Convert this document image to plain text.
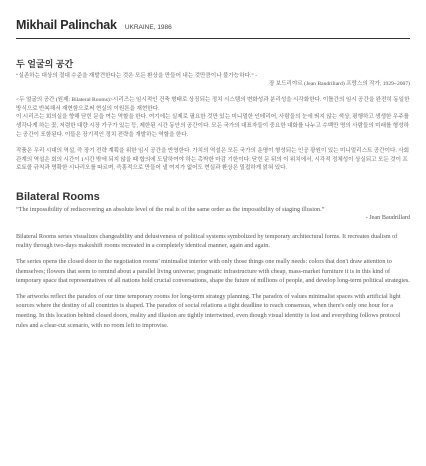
Mikhail Palinchak UKRAINE, 1986
두 얼굴의 공간
“실존하는 대상의 절대 수준을 재발견한다는 것은 모든 환상을 만들어 내는 것만큼이나 불가능하다.” -
장 보드리야르 (Jean Baudrillard) 프랑스의 작가, 1929~2007)

<두 얼굴의 공간 (원제: Bilateral Rooms)>시리즈는 임시적인 건축 형태로 상징되는 정치 시스템의 변화성과 분리성을 시각화한다. 이틀간의 임시 공간을 완전히 동일한 방식으로 반복해서 재현함으로써 현실의 이원론을 재현한다.

이 시리즈는 회의실을 향해 닫힌 문을 여는 역할을 한다. 여기에는 실제로 필요한 것만 있는 미니멀한 인테리어, 사람들의 눈에 띄지 않는 색상, 평행하고 생생한 우주를 생각나게 하는 꽃, 저렴한 대량 시장 가구가 있는 등, 제한된 시간 동안의 공간이다. 모든 국가의 대표자들이 중요한 대화를 나누고 수백만 명의 사람들의 미래를 형성하는 공간이 포함된다. 이들은 장기적인 정치 전략을 개발하는 역할을 한다.

작품은 우리 시대의 역설, 즉 장기 전략 계획을 위한 임시 공간을 반영한다. 가치의 역설은 모든 국가의 운명이 형성되는 인공 광원이 있는 미니멀리스트 공간이다. 사회관계의 역설은 회의 시간이 1시간 밖에 되지 않을 때 합의에 도달하여야 하는 촉박한 마감 기한이다. 닫힌 문 뒤의 이 위치에서, 시각적 정체성이 상실되고 모든 것이 프로토콜 규칙과 명확한 시나리오를 따르며, 즉흥적으로 만들어 낼 여지가 없어도 현실과 환상은 밀접하게 얽혀 있다.

Bilateral Rooms
“The impossibility of rediscovering an absolute level of the real is of the same order as the impossibility of staging illusion.”
- Jean Baudrillard

Bilateral Rooms series visualizes changeability and delusiveness of political systems symbolized by temporary architectural forms. It recreates dualism of reality through two-days makeshift rooms recreated in a completely identical manner, again and again.

The series opens the closed door to the negotiation rooms' minimalist interior with only those things one really needs: colors that don't draw attention to themselves; flowers that seem to remind about a parallel living universe; pragmatic infrastructure with cheap, mass-market furniture it is in this kind of temporary space that representatives of all nations hold crucial conversations, shape the future of millions of people, and develop long-term political strategies.

The artworks reflect the paradox of our time temporary rooms for long-term strategy planning. The paradox of values minimalist spaces with artificial light sources where the destiny of all countries is shaped. The paradox of social relations a tight deadline to reach consensus, when there's only one hour for a meeting. In this location behind closed doors, reality and illusion are tightly intertwined, even though visual identity is lost and everything follows protocol rules and a clear-cut scenario, with no room left to improvise.
